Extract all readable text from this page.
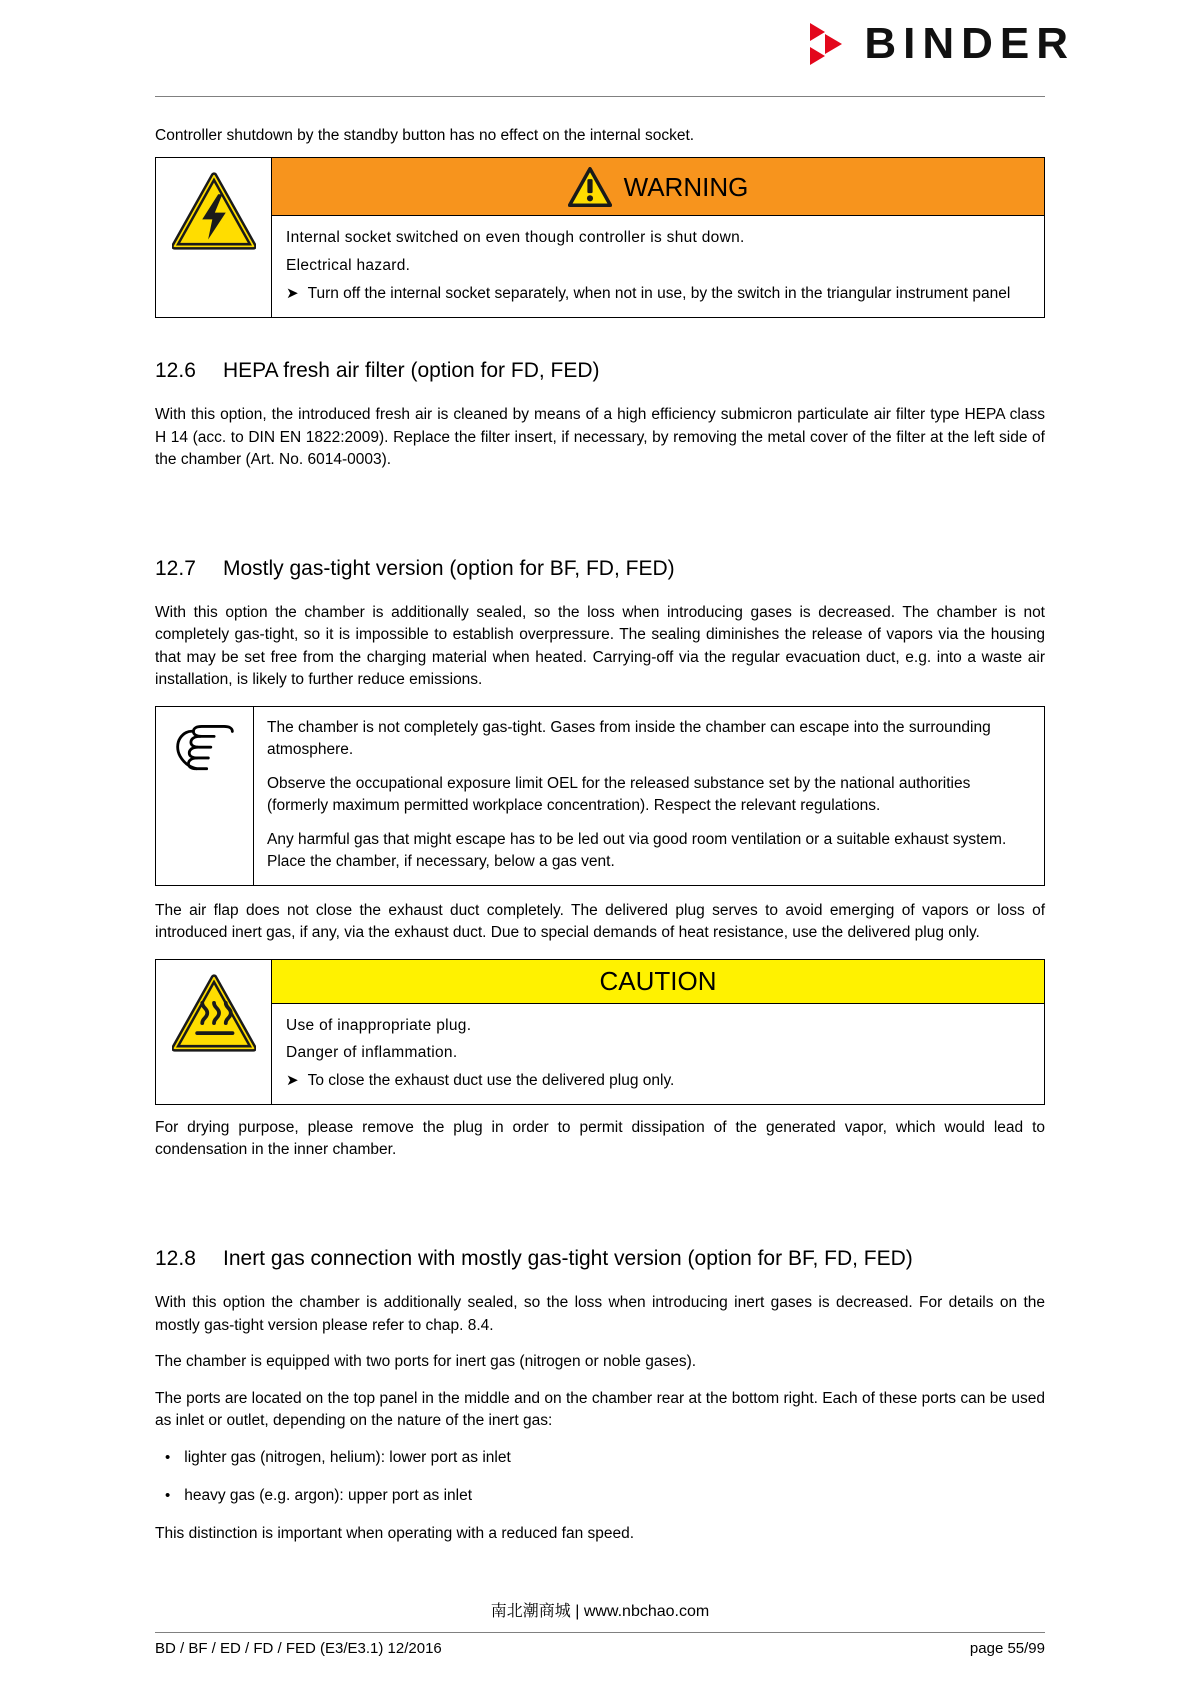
BINDER
Controller shutdown by the standby button has no effect on the internal socket.
WARNING
Internal socket switched on even though controller is shut down.
Electrical hazard.
➤ Turn off the internal socket separately, when not in use, by the switch in the triangular instrument panel
12.6	HEPA fresh air filter (option for FD, FED)

With this option, the introduced fresh air is cleaned by means of a high efficiency submicron particulate air filter type HEPA class H 14 (acc. to DIN EN 1822:2009). Replace the filter insert, if necessary, by removing the metal cover of the filter at the left side of the chamber (Art. No. 6014-0003).

12.7	Mostly gas-tight version (option for BF, FD, FED)

With this option the chamber is additionally sealed, so the loss when introducing gases is decreased. The chamber is not completely gas-tight, so it is impossible to establish overpressure. The sealing diminishes the release of vapors via the housing that may be set free from the charging material when heated. Carrying-off via the regular evacuation duct, e.g. into a waste air installation, is likely to further reduce emissions.

The chamber is not completely gas-tight. Gases from inside the chamber can escape into the surrounding atmosphere.

Observe the occupational exposure limit OEL for the released substance set by the national authorities (formerly maximum permitted workplace concentration). Respect the relevant regulations.

Any harmful gas that might escape has to be led out via good room ventilation or a suitable exhaust system. Place the chamber, if necessary, below a gas vent.

The air flap does not close the exhaust duct completely. The delivered plug serves to avoid emerging of vapors or loss of introduced inert gas, if any, via the exhaust duct. Due to special demands of heat resistance, use the delivered plug only.

CAUTION
Use of inappropriate plug.
Danger of inflammation.
➤ To close the exhaust duct use the delivered plug only.

For drying purpose, please remove the plug in order to permit dissipation of the generated vapor, which would lead to condensation in the inner chamber.

12.8	Inert gas connection with mostly gas-tight version (option for BF, FD, FED)

With this option the chamber is additionally sealed, so the loss when introducing inert gases is decreased. For details on the mostly gas-tight version please refer to chap. 8.4.

The chamber is equipped with two ports for inert gas (nitrogen or noble gases).

The ports are located on the top panel in the middle and on the chamber rear at the bottom right. Each of these ports can be used as inlet or outlet, depending on the nature of the inert gas:

• lighter gas (nitrogen, helium): lower port as inlet
• heavy gas (e.g. argon): upper port as inlet

This distinction is important when operating with a reduced fan speed.

南北潮商城 | www.nbchao.com
BD / BF / ED / FD / FED (E3/E3.1) 12/2016	page 55/99
